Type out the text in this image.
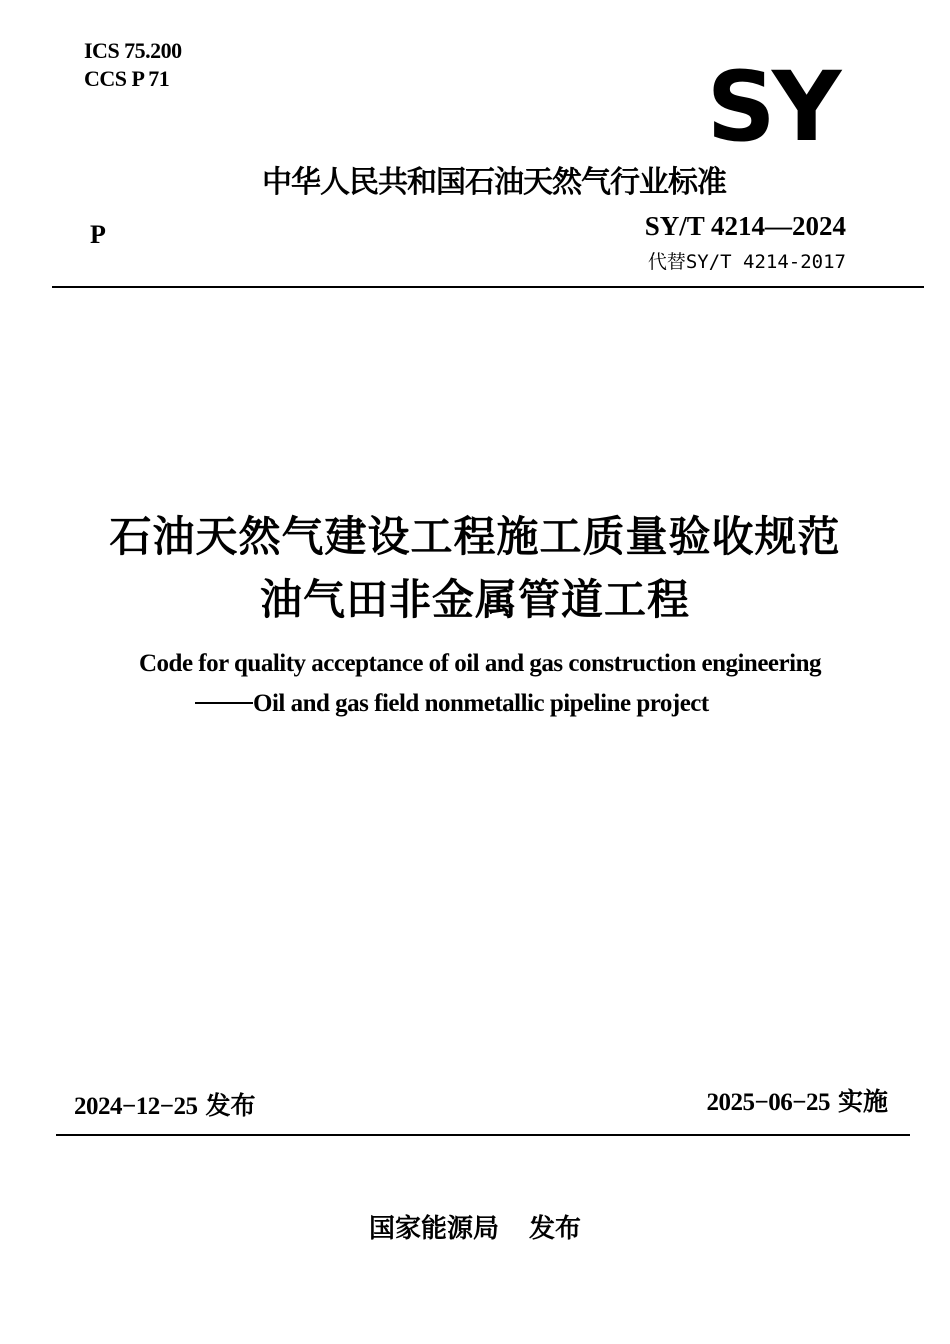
ICS 75.200
CCS P 71	SY
中华人民共和国石油天然气行业标准
P	SY/T 4214—2024
代替SY/T 4214-2017
石油天然气建设工程施工质量验收规范
油气田非金属管道工程
Code for quality acceptance of oil and gas construction engineering
Oil and gas field nonmetallic pipeline project
2024−12−25 发布	2025−06−25 实施
国家能源局 发布
